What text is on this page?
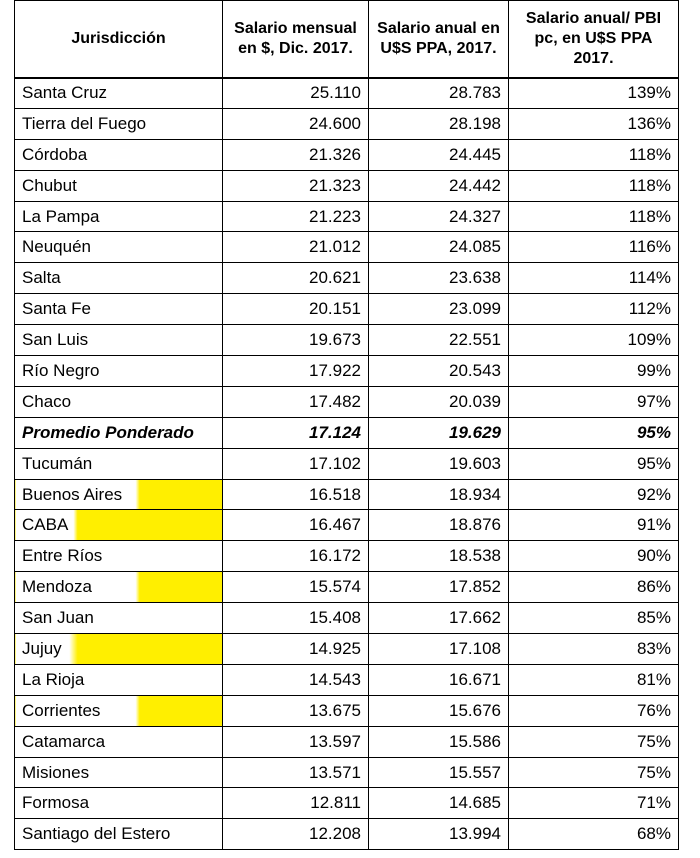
Jurisdicción	Salario mensual en $, Dic. 2017.	Salario anual en U$S PPA, 2017.	Salario anual/ PBI pc, en U$S PPA 2017.
Santa Cruz	25.110	28.783	139%
Tierra del Fuego	24.600	28.198	136%
Córdoba	21.326	24.445	118%
Chubut	21.323	24.442	118%
La Pampa	21.223	24.327	118%
Neuquén	21.012	24.085	116%
Salta	20.621	23.638	114%
Santa Fe	20.151	23.099	112%
San Luis	19.673	22.551	109%
Río Negro	17.922	20.543	99%
Chaco	17.482	20.039	97%
Promedio Ponderado	17.124	19.629	95%
Tucumán	17.102	19.603	95%
Buenos Aires	16.518	18.934	92%
CABA	16.467	18.876	91%
Entre Ríos	16.172	18.538	90%
Mendoza	15.574	17.852	86%
San Juan	15.408	17.662	85%
Jujuy	14.925	17.108	83%
La Rioja	14.543	16.671	81%
Corrientes	13.675	15.676	76%
Catamarca	13.597	15.586	75%
Misiones	13.571	15.557	75%
Formosa	12.811	14.685	71%
Santiago del Estero	12.208	13.994	68%
